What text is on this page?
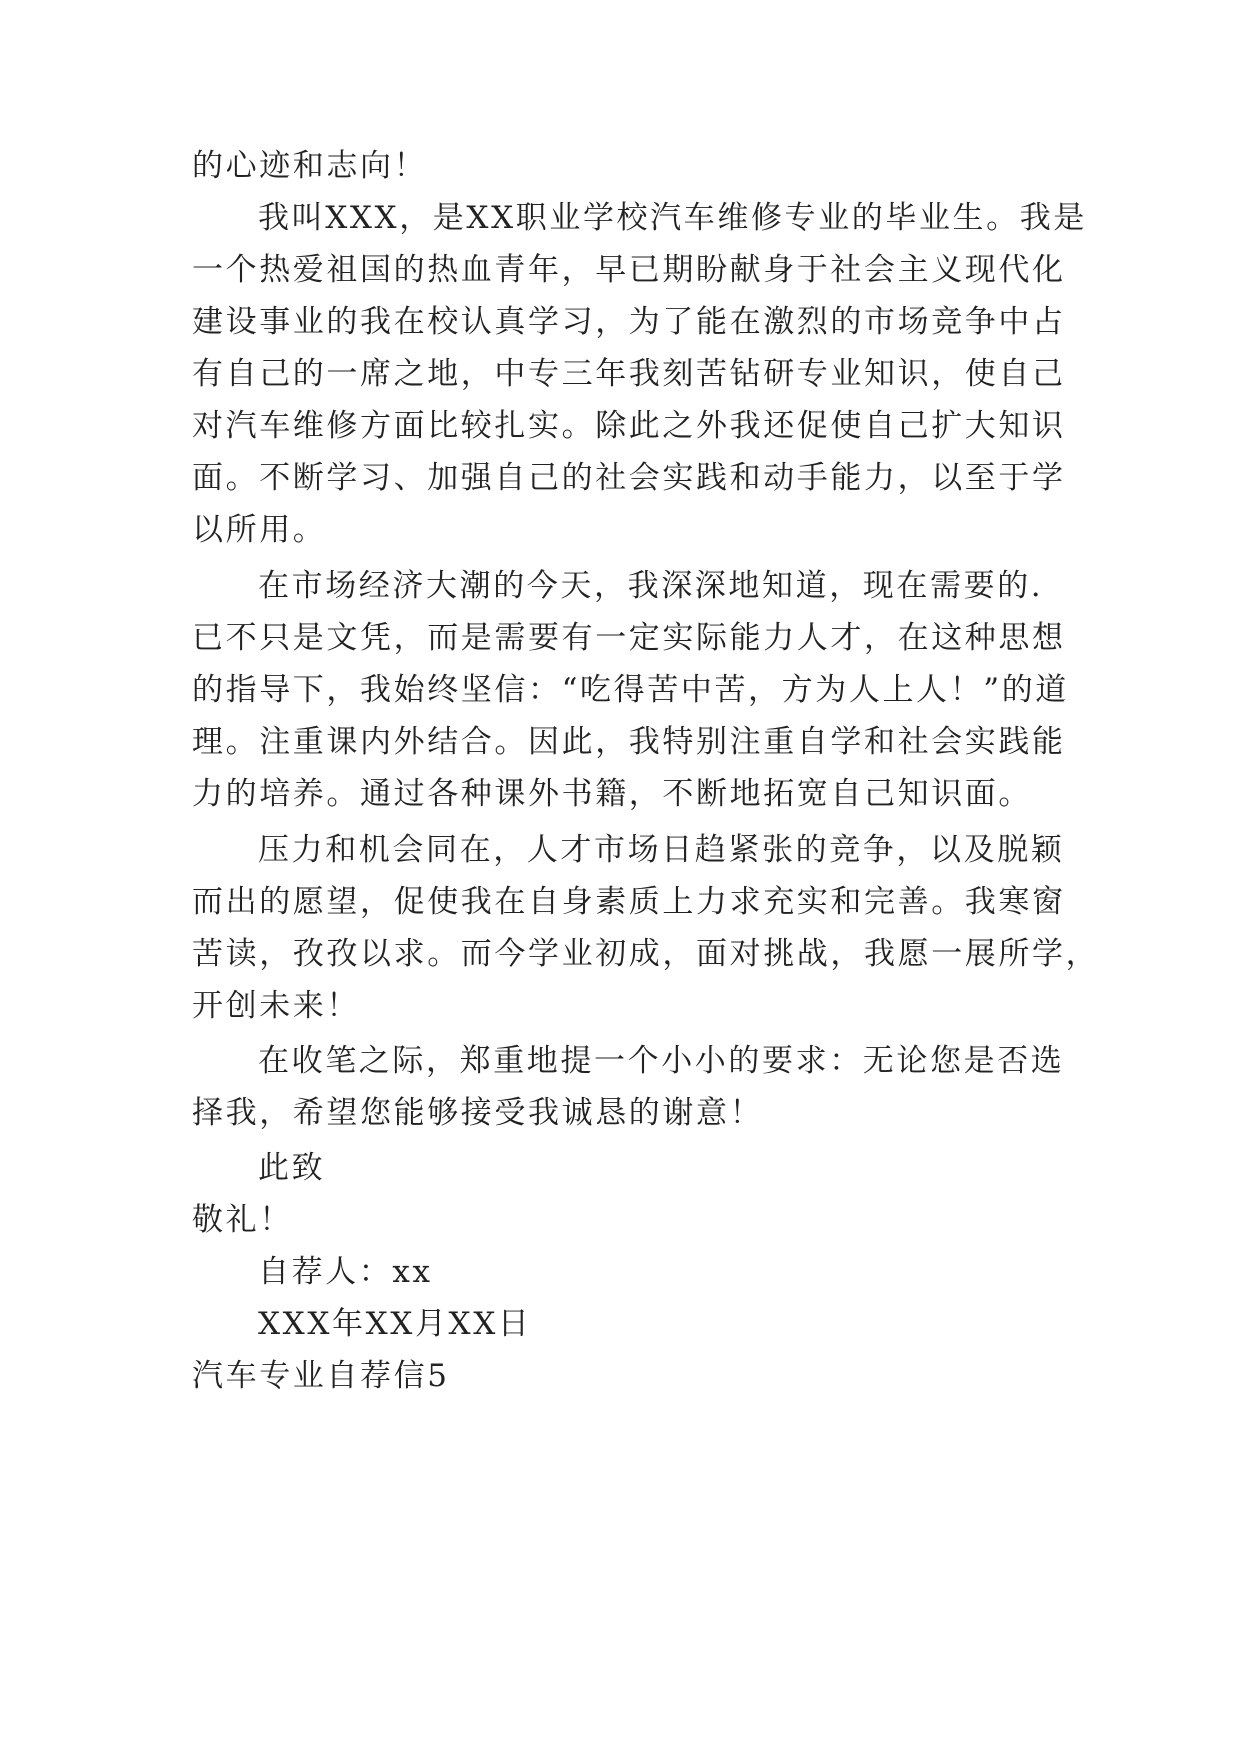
的心迹和志向！
我叫XXX，是XX职业学校汽车维修专业的毕业生。我是
一个热爱祖国的热血青年，早已期盼献身于社会主义现代化
建设事业的我在校认真学习，为了能在激烈的市场竞争中占
有自己的一席之地，中专三年我刻苦钻研专业知识，使自己
对汽车维修方面比较扎实。除此之外我还促使自己扩大知识
面。不断学习、加强自己的社会实践和动手能力，以至于学
以所用。
在市场经济大潮的今天，我深深地知道，现在需要的.
已不只是文凭，而是需要有一定实际能力人才，在这种思想
的指导下，我始终坚信：“吃得苦中苦，方为人上人！”的道
理。注重课内外结合。因此，我特别注重自学和社会实践能
力的培养。通过各种课外书籍，不断地拓宽自己知识面。
压力和机会同在，人才市场日趋紧张的竞争，以及脱颖
而出的愿望，促使我在自身素质上力求充实和完善。我寒窗
苦读，孜孜以求。而今学业初成，面对挑战，我愿一展所学，
开创未来！
在收笔之际，郑重地提一个小小的要求：无论您是否选
择我，希望您能够接受我诚恳的谢意！
此致
敬礼！
自荐人：xx
XXX年XX月XX日
汽车专业自荐信5
